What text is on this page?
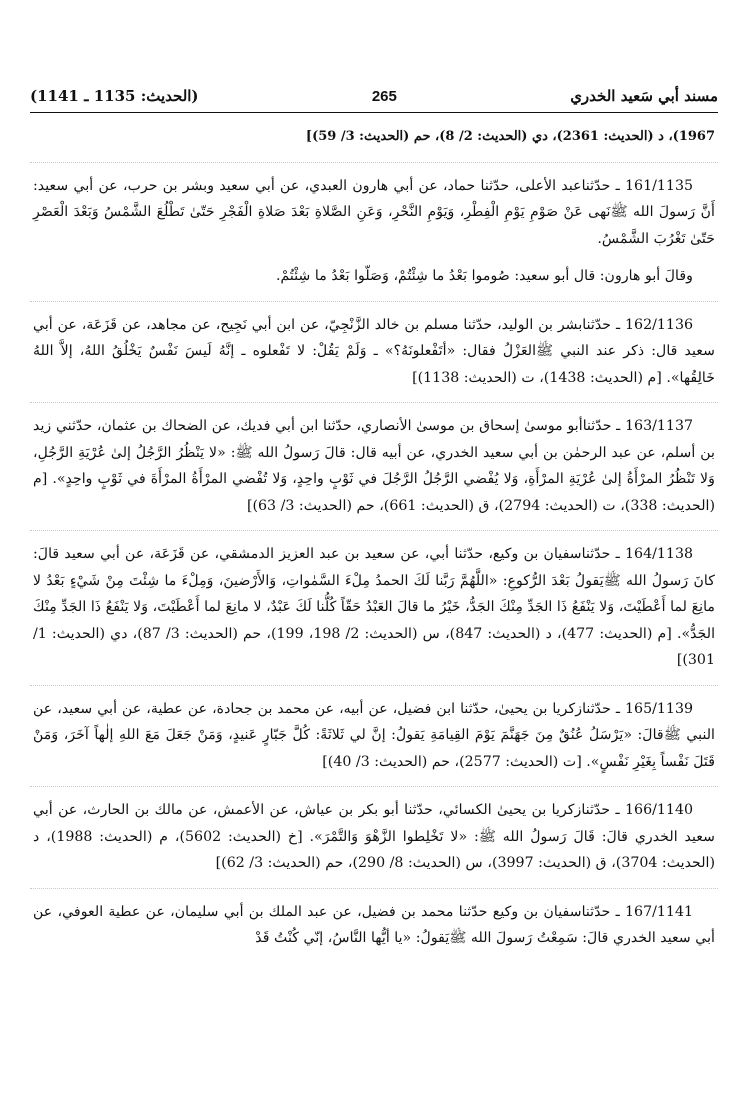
مسند أبي سَعيد الخدري
265
(الحديث: 1135 ـ 1141)

1967)، د (الحديث: 2361)، دي (الحديث: 2/ 8)، حم (الحديث: 3/ 59)]

161/1135 ـ حدّثناعبد الأعلى، حدّثنا حماد، عن أبي هارون العبدي، عن أبي سعيد وبشر بن حرب، عن أبي سعيد: أَنَّ رَسولَ الله ﷺنَهى عَنْ صَوْمِ يَوْمِ الْفِطْرِ، وَيَوْمِ النَّحْرِ، وَعَنِ الصَّلاةِ بَعْدَ صَلاةِ الْفَجْرِ حَتّىٰ تَطْلُعَ الشَّمْسُ وَبَعْدَ الْعَصْرِ حَتّىٰ تَغْرُبَ الشَّمْسُ.

وقالَ أبو هارون: قال أبو سعيد: صُوموا بَعْدُ ما شِئْتُمْ، وَصَلّوا بَعْدُ ما شِئْتُمْ.

162/1136 ـ حدّثنابشر بن الوليد، حدّثنا مسلم بن خالد الزَّنْجِيّ، عن ابن أبي نَجِيح، عن مجاهد، عن قَزَعَة، عن أبي سعيد قال: ذكر عند النبي ﷺالعَزْلُ فقال: «أتَفْعلونَهُ؟» ـ وَلَمْ يَقُلْ: لا تَفْعلوه ـ إنَّهُ لَيسَ نَفْسٌ يَخْلُقُ اللهُ، إلاَّ اللهُ خَالِقُها». [م (الحديث: 1438)، ت (الحديث: 1138)]

163/1137 ـ حدّثناأبو موسىٰ إسحاق بن موسىٰ الأنصاري، حدّثنا ابن أبي فديك، عن الضحاك بن عثمان، حدّثني زيد بن أسلم، عن عبد الرحمٰن بن أبي سعيد الخدري، عن أبيه قال: قالَ رَسولُ الله ﷺ: «لا يَنْظُرُ الرَّجُلُ إلىٰ عُرْيَةِ الرَّجُلِ، وَلا تَنْظُرُ المرْأَةُ إلىٰ عُرْيَةِ المرْأَةِ، وَلا يُفْضي الرَّجُلُ الرَّجُلَ في ثَوْبٍ واحِدٍ، وَلا تُفْضي المرْأَةُ المرْأَةَ في ثَوْبٍ واحِدٍ». [م (الحديث: 338)، ت (الحديث: 2794)، ق (الحديث: 661)، حم (الحديث: 3/ 63)]

164/1138 ـ حدّثناسفيان بن وكيع، حدّثنا أبي، عن سعيد بن عبد العزيز الدمشقي، عن قَزَعَة، عن أبي سعيد قالَ: كانَ رَسولُ الله ﷺيَقولُ بَعْدَ الرُّكوعِ: «اللَّهُمَّ رَبَّنا لَكَ الحمدُ مِلْءَ السَّمٰواتِ، وَالأَرْضينَ، وَمِلْءَ ما شِئْتَ مِنْ شَيْءٍ بَعْدُ لا مانِعَ لما أَعْطَيْتَ، وَلا يَنْفَعُ ذَا الجَدِّ مِنْكَ الجَدُّ، خَيْرُ ما قالَ العَبْدُ حَقّاً كُلُّنا لَكَ عَبْدٌ، لا مانِعَ لما أَعْطَيْتَ، وَلا يَنْفَعُ ذَا الجَدِّ مِنْكَ الجَدُّ». [م (الحديث: 477)، د (الحديث: 847)، س (الحديث: 2/ 198، 199)، حم (الحديث: 3/ 87)، دي (الحديث: 1/ 301)]

165/1139 ـ حدّثنازكريا بن يحيىٰ، حدّثنا ابن فضيل، عن أبيه، عن محمد بن جحادة، عن عطية، عن أبي سعيد، عن النبي ﷺقالَ: «يَرْسَلُ عُنُقٌ مِنَ جَهَنَّمَ يَوْمَ القِيامَةِ يَقولُ: إنَّ لي ثَلاثَةً: كُلَّ جَبّارٍ عَنيدٍ، وَمَنْ جَعَلَ مَعَ اللهِ إلٰهاً آخَرَ، وَمَنْ قَتَلَ نَفْساً بِغَيْرِ نَفْسٍ». [ت (الحديث: 2577)، حم (الحديث: 3/ 40)]

166/1140 ـ حدّثنازكريا بن يحيىٰ الكسائي، حدّثنا أبو بكر بن عياش، عن الأعمش، عن مالك بن الحارث، عن أبي سعيد الخدري قالَ: قَالَ رَسولُ الله ﷺ: «لا تَخْلِطوا الزَّهْوَ وَالتَّمْرَ». [خ (الحديث: 5602)، م (الحديث: 1988)، د (الحديث: 3704)، ق (الحديث: 3997)، س (الحديث: 8/ 290)، حم (الحديث: 3/ 62)]

167/1141 ـ حدّثناسفيان بن وكيع حدّثنا محمد بن فضيل، عن عبد الملك بن أبي سليمان، عن عطية العوفي، عن أبي سعيد الخدري قالَ: سَمِعْتُ رَسولَ الله ﷺيَقولُ: «يا أيُّها النَّاسُ، إنّي كُنْتُ قَدْ
